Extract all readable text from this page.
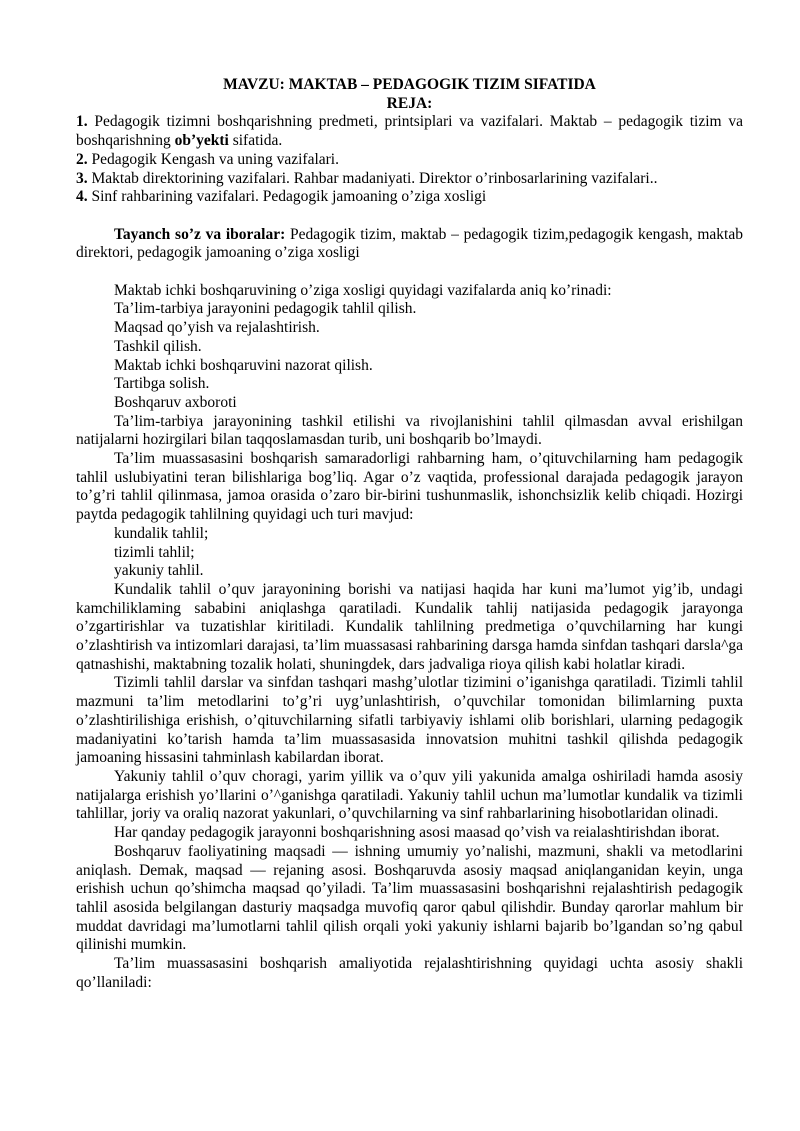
MAVZU: MAKTAB – PEDAGOGIK TIZIM SIFATIDA

REJA:

1. Pedagogik tizimni boshqarishning predmeti, printsiplari va vazifalari. Maktab – pedagogik tizim va boshqarishning ob’yekti sifatida.

2. Pedagogik Kengash va uning vazifalari.

3. Maktab direktorining vazifalari. Rahbar madaniyati. Direktor o’rinbosarlarining vazifalari..

4. Sinf rahbarining vazifalari. Pedagogik jamoaning o’ziga xosligi

Tayanch so’z va iboralar: Pedagogik tizim, maktab – pedagogik tizim,pedagogik kengash, maktab direktori, pedagogik jamoaning o’ziga xosligi

Maktab ichki boshqaruvining o’ziga xosligi quyidagi vazifalarda aniq ko’rinadi:

Ta’lim-tarbiya jarayonini pedagogik tahlil qilish.

Maqsad qo’yish va rejalashtirish.

Tashkil qilish.

Maktab ichki boshqaruvini nazorat qilish.

Tartibga solish.

Boshqaruv axboroti

Ta’lim-tarbiya jarayonining tashkil etilishi va rivojlanishini tahlil qilmasdan avval erishilgan natijalarni hozirgilari bilan taqqoslamasdan turib, uni boshqarib bo’lmaydi.

Ta’lim muassasasini boshqarish samaradorligi rahbarning ham, o’qituvchilarning ham pedagogik tahlil uslubiyatini teran bilishlariga bog’liq. Agar o’z vaqtida, professional darajada pedagogik jarayon to’g’ri tahlil qilinmasa, jamoa orasida o’zaro bir-birini tushunmaslik, ishonchsizlik kelib chiqadi. Hozirgi paytda pedagogik tahlilning quyidagi uch turi mavjud:

kundalik tahlil;

tizimli tahlil;

yakuniy tahlil.

Kundalik tahlil o’quv jarayonining borishi va natijasi haqida har kuni ma’lumot yig’ib, undagi kamchiliklaming sababini aniqlashga qaratiladi. Kundalik tahlij natijasida pedagogik jarayonga o’zgartirishlar va tuzatishlar kiritiladi. Kundalik tahlilning predmetiga o’quvchilarning har kungi o’zlashtirish va intizomlari darajasi, ta’lim muassasasi rahbarining darsga hamda sinfdan tashqari darsla^ga qatnashishi, maktabning tozalik holati, shuningdek, dars jadvaliga rioya qilish kabi holatlar kiradi.

Tizimli tahlil darslar va sinfdan tashqari mashg’ulotlar tizimini o’iganishga qaratiladi. Tizimli tahlil mazmuni ta’lim metodlarini to’g’ri uyg’unlashtirish, o’quvchilar tomonidan bilimlarning puxta o’zlashtirilishiga erishish, o’qituvchilarning sifatli tarbiyaviy ishlami olib borishlari, ularning pedagogik madaniyatini ko’tarish hamda ta’lim muassasasida innovatsion muhitni tashkil qilishda pedagogik jamoaning hissasini tahminlash kabilardan iborat.

Yakuniy tahlil o’quv choragi, yarim yillik va o’quv yili yakunida amalga oshiriladi hamda asosiy natijalarga erishish yo’llarini o’^ganishga qaratiladi. Yakuniy tahlil uchun ma’lumotlar kundalik va tizimli tahlillar, joriy va oraliq nazorat yakunlari, o’quvchilarning va sinf rahbarlarining hisobotlaridan olinadi.

Har qanday pedagogik jarayonni boshqarishning asosi maasad qo’vish va reialashtirishdan iborat.

Boshqaruv faoliyatining maqsadi — ishning umumiy yo’nalishi, mazmuni, shakli va metodlarini aniqlash. Demak, maqsad — rejaning asosi. Boshqaruvda asosiy maqsad aniqlanganidan keyin, unga erishish uchun qo’shimcha maqsad qo’yiladi. Ta’lim muassasasini boshqarishni rejalashtirish pedagogik tahlil asosida belgilangan dasturiy maqsadga muvofiq qaror qabul qilishdir. Bunday qarorlar mahlum bir muddat davridagi ma’lumotlarni tahlil qilish orqali yoki yakuniy ishlarni bajarib bo’lgandan so’ng qabul qilinishi mumkin.

Ta’lim muassasasini boshqarish amaliyotida rejalashtirishning quyidagi uchta asosiy shakli qo’llaniladi:
